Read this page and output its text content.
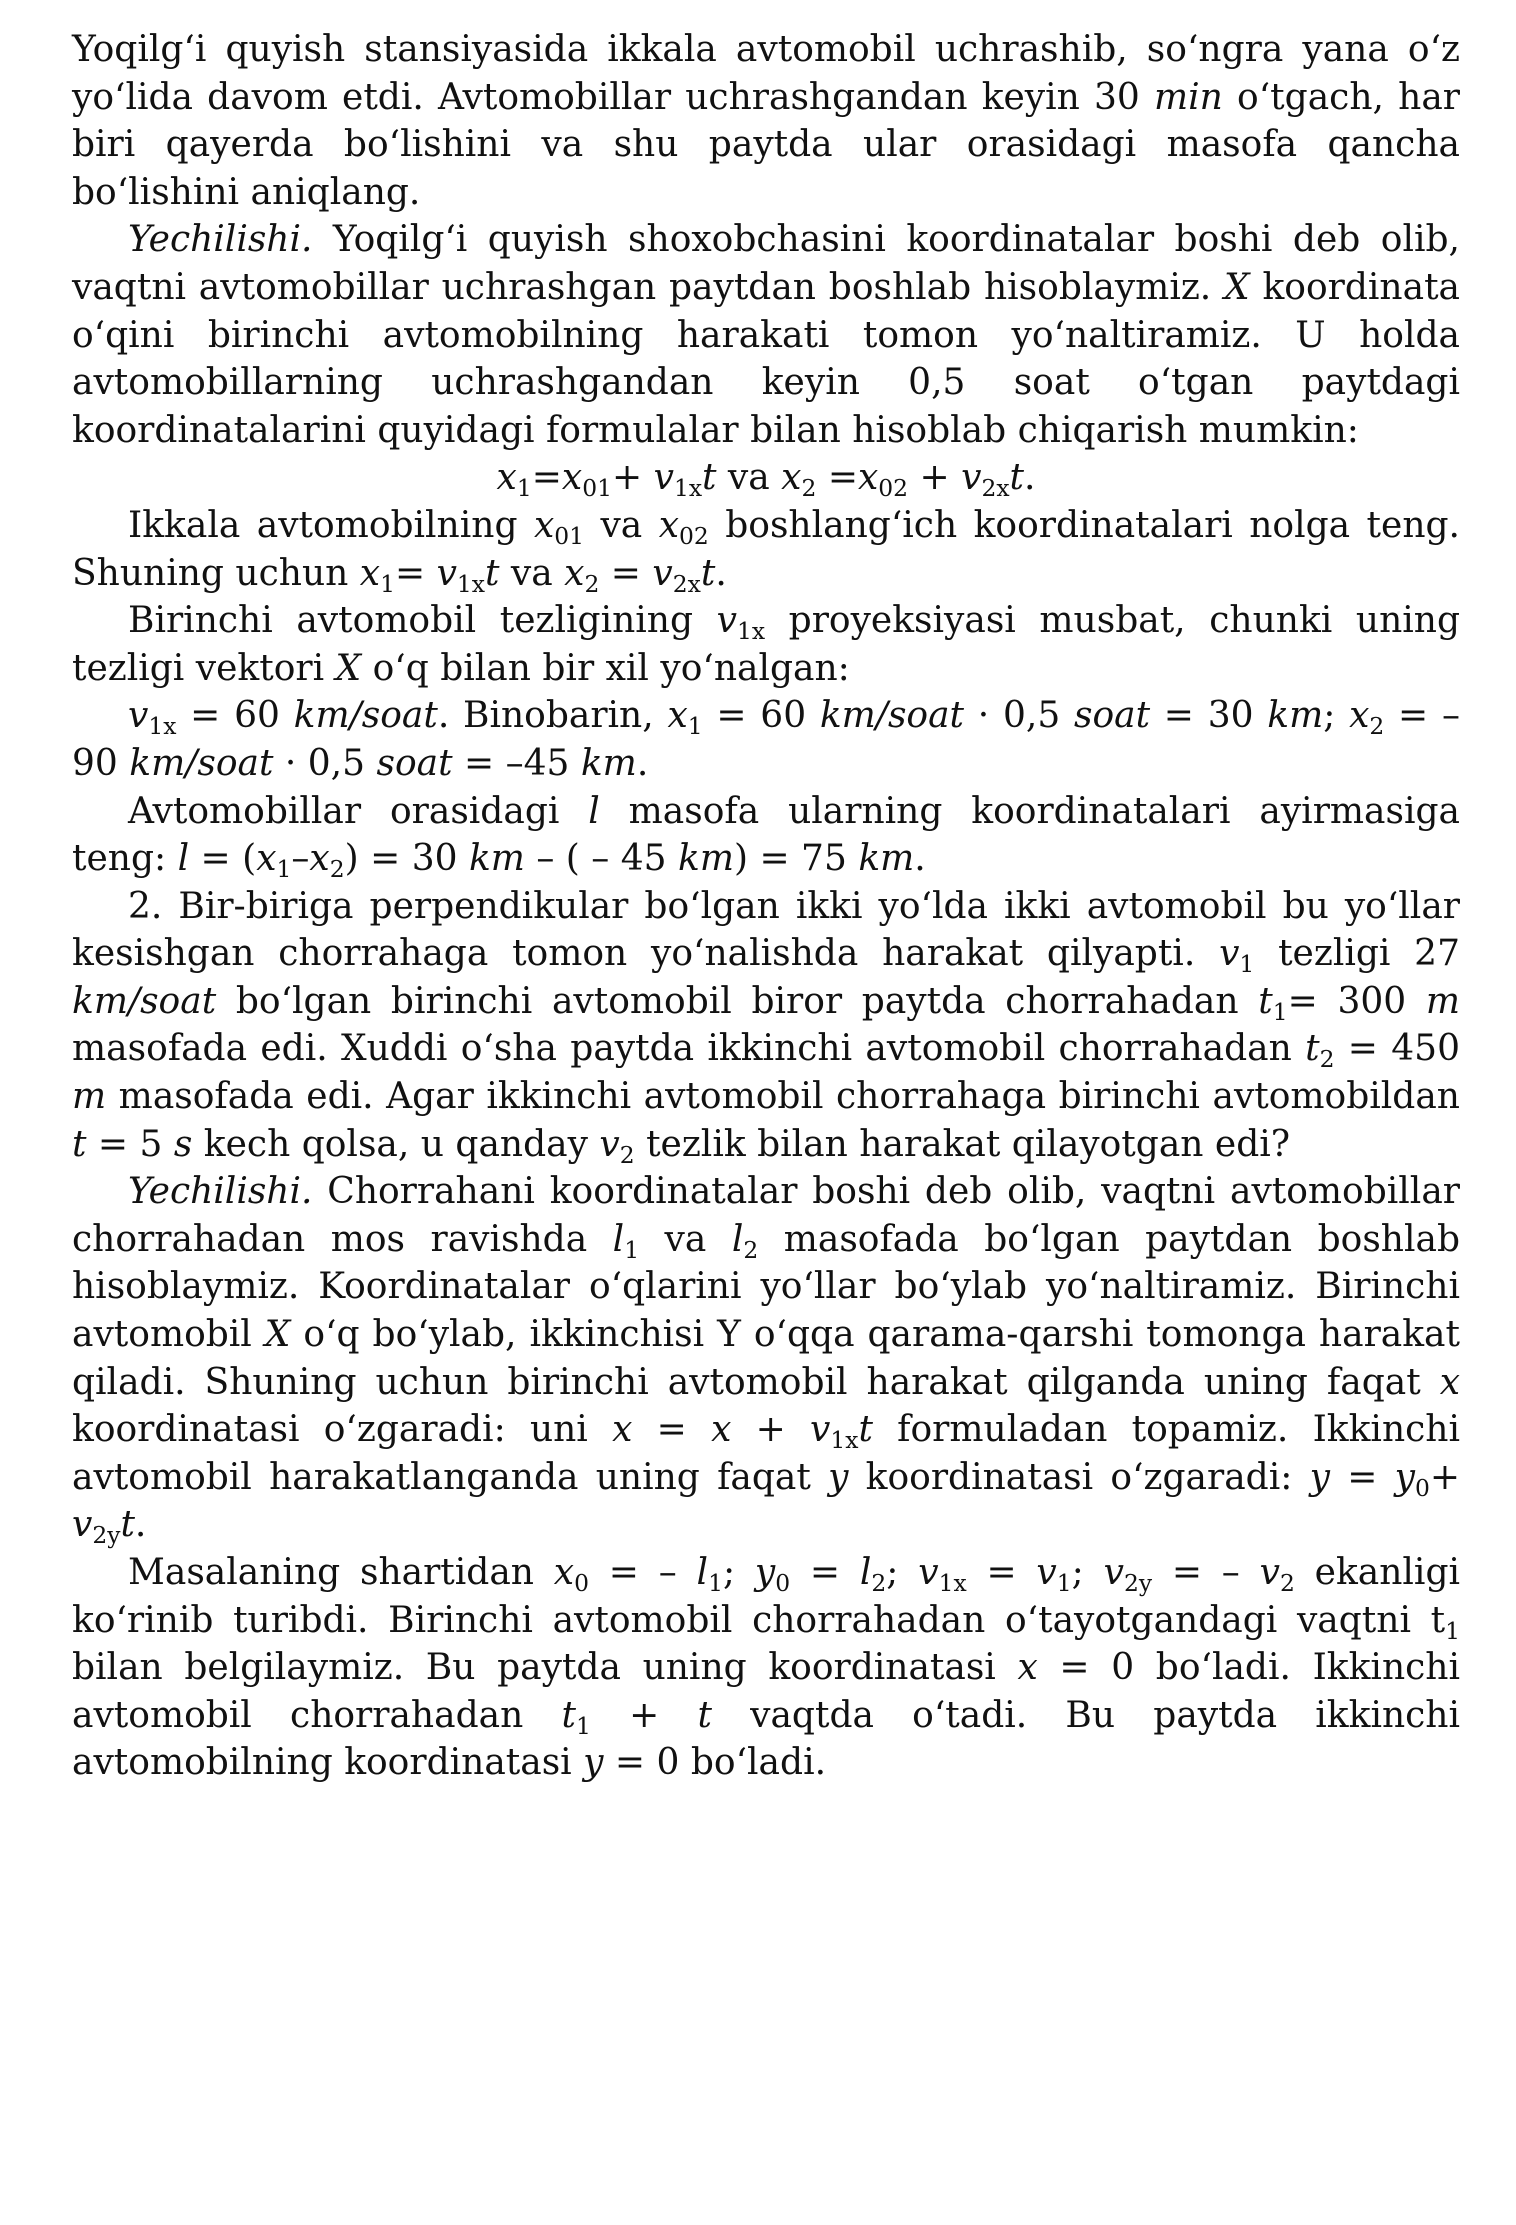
Yoqilg‘i quyish stansiyasida ikkala avtomobil uchrashib, so‘ngra yana o‘z yo‘lida davom etdi. Avtomobillar uchrashgandan keyin 30 min o‘tgach, har biri qayerda bo‘lishini va shu paytda ular orasidagi masofa qancha bo‘lishini aniqlang.

Yechilishi. Yoqilg‘i quyish shoxobchasini koordinatalar boshi deb olib, vaqtni avtomobillar uchrashgan paytdan boshlab hisoblaymiz. X koordinata o‘qini birinchi avtomobilning harakati tomon yo‘naltiramiz. U holda avtomobillarning uchrashgandan keyin 0,5 soat o‘tgan paytdagi koordinatalarini quyidagi formulalar bilan hisoblab chiqarish mumkin:

$x_1=x_{01}+ v_{1x}t$ va $x_2 =x_{02} + v_{2x}t$.

Ikkala avtomobilning $x_{01}$ va $x_{02}$ boshlang‘ich koordinatalari nolga teng. Shuning uchun $x_1= v_{1x}t$ va $x_2 = v_{2x}t$.

Birinchi avtomobil tezligining $v_{1x}$ proyeksiyasi musbat, chunki uning tezligi vektori X o‘q bilan bir xil yo‘nalgan:

$v_{1x} = 60$ km/soat. Binobarin, $x_1 = 60$ km/soat · 0,5 soat = 30 km; $x_2 = -90$ km/soat · 0,5 soat = –45 km.

Avtomobillar orasidagi l masofa ularning koordinatalari ayirmasiga teng: $l = (x_1-x_2) = 30$ km – ( – 45 km) = 75 km.

2. Bir-biriga perpendikular bo‘lgan ikki yo‘lda ikki avtomobil bu yo‘llar kesishgan chorrahaga tomon yo‘nalishda harakat qilyapti. $v_1$ tezligi 27 km/soat bo‘lgan birinchi avtomobil biror paytda chorrahadan $t_1= 300$ m masofada edi. Xuddi o‘sha paytda ikkinchi avtomobil chorrahadan $t_2 = 450$ m masofada edi. Agar ikkinchi avtomobil chorrahaga birinchi avtomobildan t = 5 s kech qolsa, u qanday $v_2$ tezlik bilan harakat qilayotgan edi?

Yechilishi. Chorrahani koordinatalar boshi deb olib, vaqtni avtomobillar chorrahadan mos ravishda $l_1$ va $l_2$ masofada bo‘lgan paytdan boshlab hisoblaymiz. Koordinatalar o‘qlarini yo‘llar bo‘ylab yo‘naltiramiz. Birinchi avtomobil X o‘q bo‘ylab, ikkinchisi Y o‘qqa qarama-qarshi tomonga harakat qiladi. Shuning uchun birinchi avtomobil harakat qilganda uning faqat x koordinatasi o‘zgaradi: uni $x = x + v_{1x}t$ formuladan topamiz. Ikkinchi avtomobil harakatlanganda uning faqat y koordinatasi o‘zgaradi: $y = y_0+ v_{2y}t$.

Masalaning shartidan $x_0$ = – $l_1$; $y_0 = l_2$; $v_{1x} = v_1$; $v_{2y}$ = – $v_2$ ekanligi ko‘rinib turibdi. Birinchi avtomobil chorrahadan o‘tayotgandagi vaqtni $t_1$ bilan belgilaymiz. Bu paytda uning koordinatasi x = 0 bo‘ladi. Ikkinchi avtomobil chorrahadan $t_1 + t$ vaqtda o‘tadi. Bu paytda ikkinchi avtomobilning koordinatasi y = 0 bo‘ladi.
